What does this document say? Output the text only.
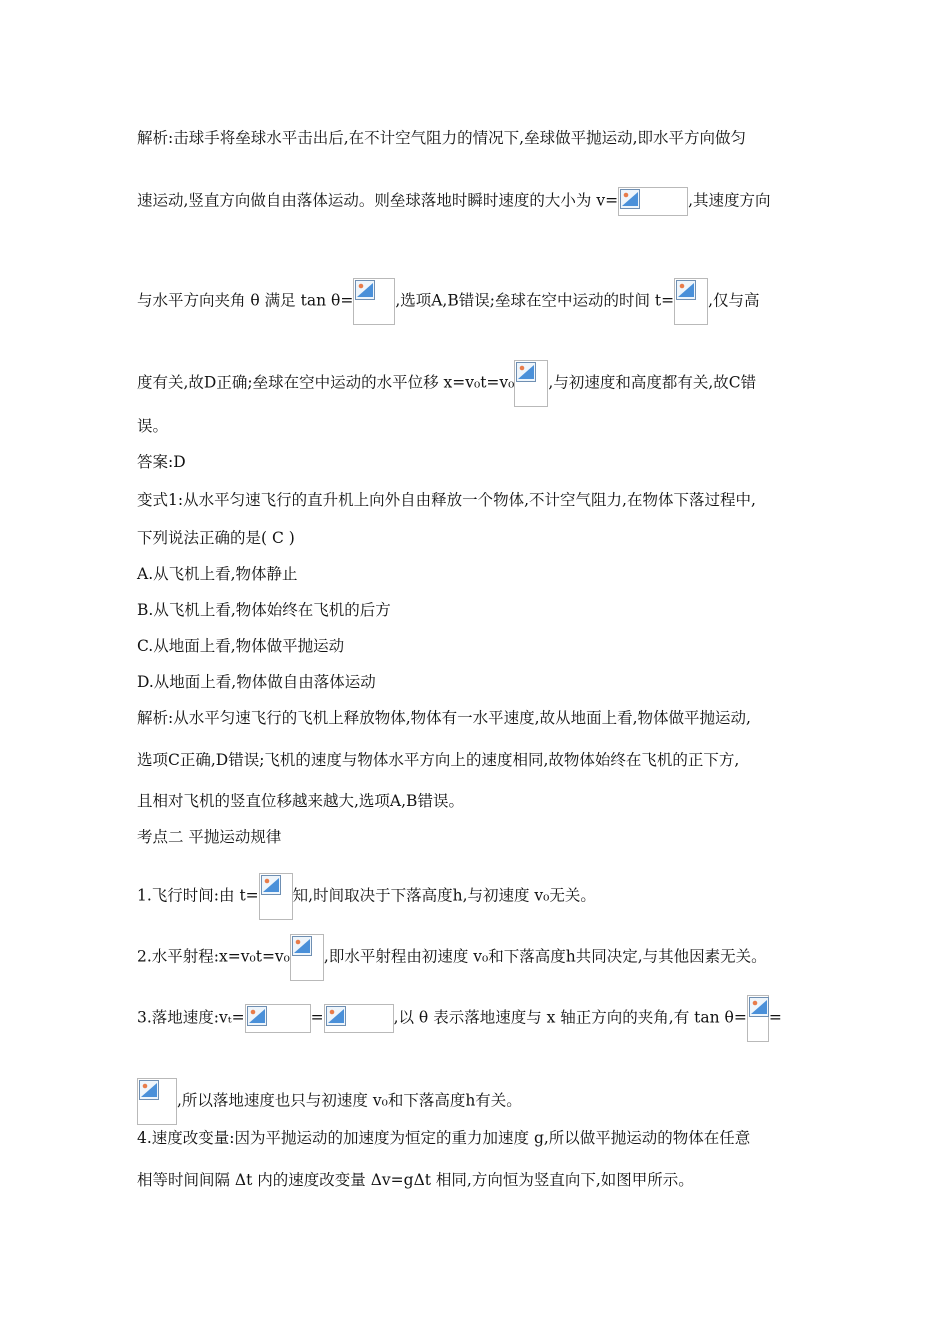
解析:击球手将垒球水平击出后,在不计空气阻力的情况下,垒球做平抛运动,即水平方向做匀
速运动,竖直方向做自由落体运动。则垒球落地时瞬时速度的大小为 v=	,其速度方向
与水平方向夹角 θ 满足 tan θ=	,选项A,B错误;垒球在空中运动的时间 t= ,仅与高
度有关,故D正确;垒球在空中运动的水平位移 x=v₀t=v₀ ,与初速度和高度都有关,故C错
误。
答案:D
变式1:从水平匀速飞行的直升机上向外自由释放一个物体,不计空气阻力,在物体下落过程中,
下列说法正确的是( C )
A.从飞机上看,物体静止
B.从飞机上看,物体始终在飞机的后方
C.从地面上看,物体做平抛运动
D.从地面上看,物体做自由落体运动
解析:从水平匀速飞行的飞机上释放物体,物体有一水平速度,故从地面上看,物体做平抛运动,
选项C正确,D错误;飞机的速度与物体水平方向上的速度相同,故物体始终在飞机的正下方,
且相对飞机的竖直位移越来越大,选项A,B错误。
考点二 平抛运动规律
1.飞行时间:由 t= 知,时间取决于下落高度h,与初速度 v₀无关。
2.水平射程:x=v₀t=v₀ ,即水平射程由初速度 v₀和下落高度h共同决定,与其他因素无关。
3.落地速度:vₜ=	=	,以 θ 表示落地速度与 x 轴正方向的夹角,有 tan θ= =
,所以落地速度也只与初速度 v₀和下落高度h有关。
4.速度改变量:因为平抛运动的加速度为恒定的重力加速度 g,所以做平抛运动的物体在任意
相等时间间隔 Δt 内的速度改变量 Δv=gΔt 相同,方向恒为竖直向下,如图甲所示。
